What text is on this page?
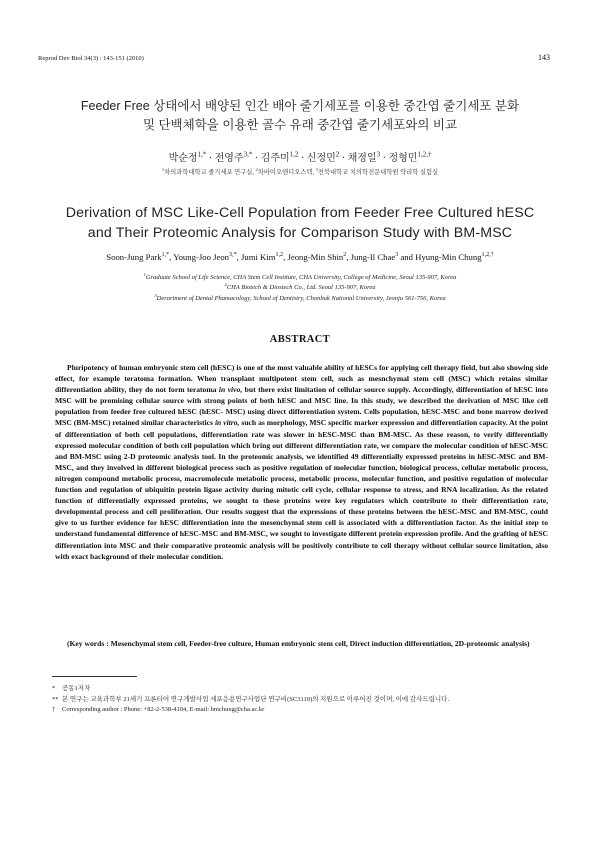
Reprod Dev Biol 34(3) : 143-151 (2010)	143
Feeder Free 상태에서 배양된 인간 배아 줄기세포를 이용한 중간엽 줄기세포 분화
및 단백체학을 이용한 골수 유래 중간엽 줄기세포와의 비교
박순정$^{1,*}$ · 전영주$^{3,*}$ · 김주미$^{1,2}$ · 신정민$^2$ · 채정일$^3$ · 정형민$^{1,2,\dagger}$
$^1$차의과학대학교 줄기세포 연구실, $^2$차바이오앤디오스텍, $^3$전북대학교 치의학전문대학원 약리학 실험실
Derivation of MSC Like-Cell Population from Feeder Free Cultured hESC
and Their Proteomic Analysis for Comparison Study with BM-MSC
Soon-Jung Park$^{1,*}$, Young-Joo Jeon$^{3,*}$, Jumi Kim$^{1,2}$, Jeong-Min Shin$^2$, Jung-Il Chae$^3$ and Hyung-Min Chung$^{1,2,\dagger}$
$^1$Graduate School of Life Science, CHA Stem Cell Institute, CHA University, College of Medicine, Seoul 135-907, Korea
$^2$CHA Biotech & Diostech Co., Ltd. Seoul 135-907, Korea
$^3$Derartment of Dental Phamacology, School of Dentistry, Chonbuk National University, Jeonju 561-756, Korea
ABSTRACT
Pluripotency of human embryonic stem cell (hESC) is one of the most valuable ability of hESCs for applying cell therapy field, but also showing side effect, for example teratoma formation. When transplant multipotent stem cell, such as mesnchymal stem cell (MSC) which retains similar differentiation ability, they do not form teratoma in vivo, but there exist limitation of cellular source supply. Accordingly, differentiation of hESC into MSC will be promising cellular source with strong points of both hESC and MSC line. In this study, we described the derivation of MSC like cell population from feeder free cultured hESC (hESC- MSC) using direct differentiation system. Cells population, hESC-MSC and bone marrow derived MSC (BM-MSC) retained similar characteristics in vitro, such as morphology, MSC specific marker expression and differentiation capacity. At the point of differentiation of both cell populations, differentiation rate was slower in hESC-MSC than BM-MSC. As these reason, to verify differentially expressed molecular condition of both cell population which bring out different differentiation rate, we compare the molecular condition of hESC-MSC and BM-MSC using 2-D proteomic analysis tool. In the proteomic analysis, we identified 49 differentially expressed proteins in hESC-MSC and BM-MSC, and they involved in different biological process such as positive regulation of molecular function, biological process, cellular metabolic process, nitrogen compound metabolic process, macromolecule metabolic process, metabolic process, molecular function, and positive regulation of molecular function and regulation of ubiquitin protein ligase activity during mitotic cell cycle, cellular response to stress, and RNA localization. As the related function of differentially expressed proteins, we sought to these proteins were key regulators which contribute to their differentiation rate, developmental process and cell proliferation. Our results suggest that the expressions of these proteins between the hESC-MSC and BM-MSC, could give to us further evidence for hESC differentiation into the mesenchymal stem cell is associated with a differentiation factor. As the initial step to understand fundamental difference of hESC-MSC and BM-MSC, we sought to investigate different protein expression profile. And the grafting of hESC differentiation into MSC and their comparative proteomic analysis will be positively contribute to cell therapy without cellular source limitation, also with exact background of their molecular condition.
(Key words : Mesenchymal stem cell, Feeder-free culture, Human embryonic stem cell, Direct induction differentiation, 2D-proteomic analysis)
*	공동1저자
** 본 연구는 교육과학부 21세기 프론티어 연구개발사업 세포응용연구사업단 연구비(SC3110)의 지원으로 이루어진 것이며, 이에 감사드립니다.
†	Corresponding author : Phone: +82-2-538-4104, E-mail: hmchung@cha.ac.kr
